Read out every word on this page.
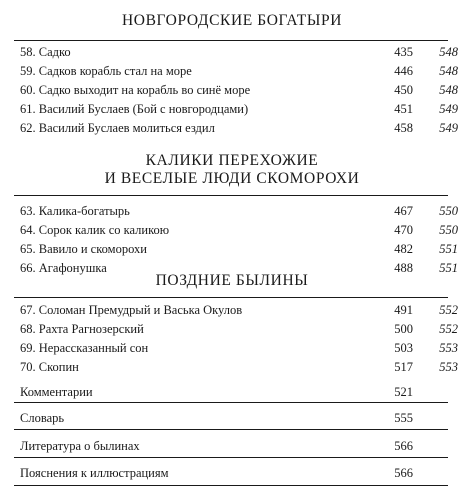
НОВГОРОДСКИЕ БОГАТЫРИ
58. Садко	435	548
59. Садков корабль стал на море	446	548
60. Садко выходит на корабль во синё море	450	548
61. Василий Буслаев (Бой с новгородцами)	451	549
62. Василий Буслаев молиться ездил	458	549
КАЛИКИ ПЕРЕХОЖИЕ
И ВЕСЕЛЫЕ ЛЮДИ СКОМОРОХИ
63. Калика-богатырь	467	550
64. Сорок калик со каликою	470	550
65. Вавило и скоморохи	482	551
66. Агафонушка	488	551
ПОЗДНИЕ БЫЛИНЫ
67. Соломан Премудрый и Васька Окулов	491	552
68. Рахта Рагнозерский	500	552
69. Нерассказанный сон	503	553
70. Скопин	517	553
Комментарии	521
Словарь	555
Литература о былинах	566
Пояснения к иллюстрациям	566
